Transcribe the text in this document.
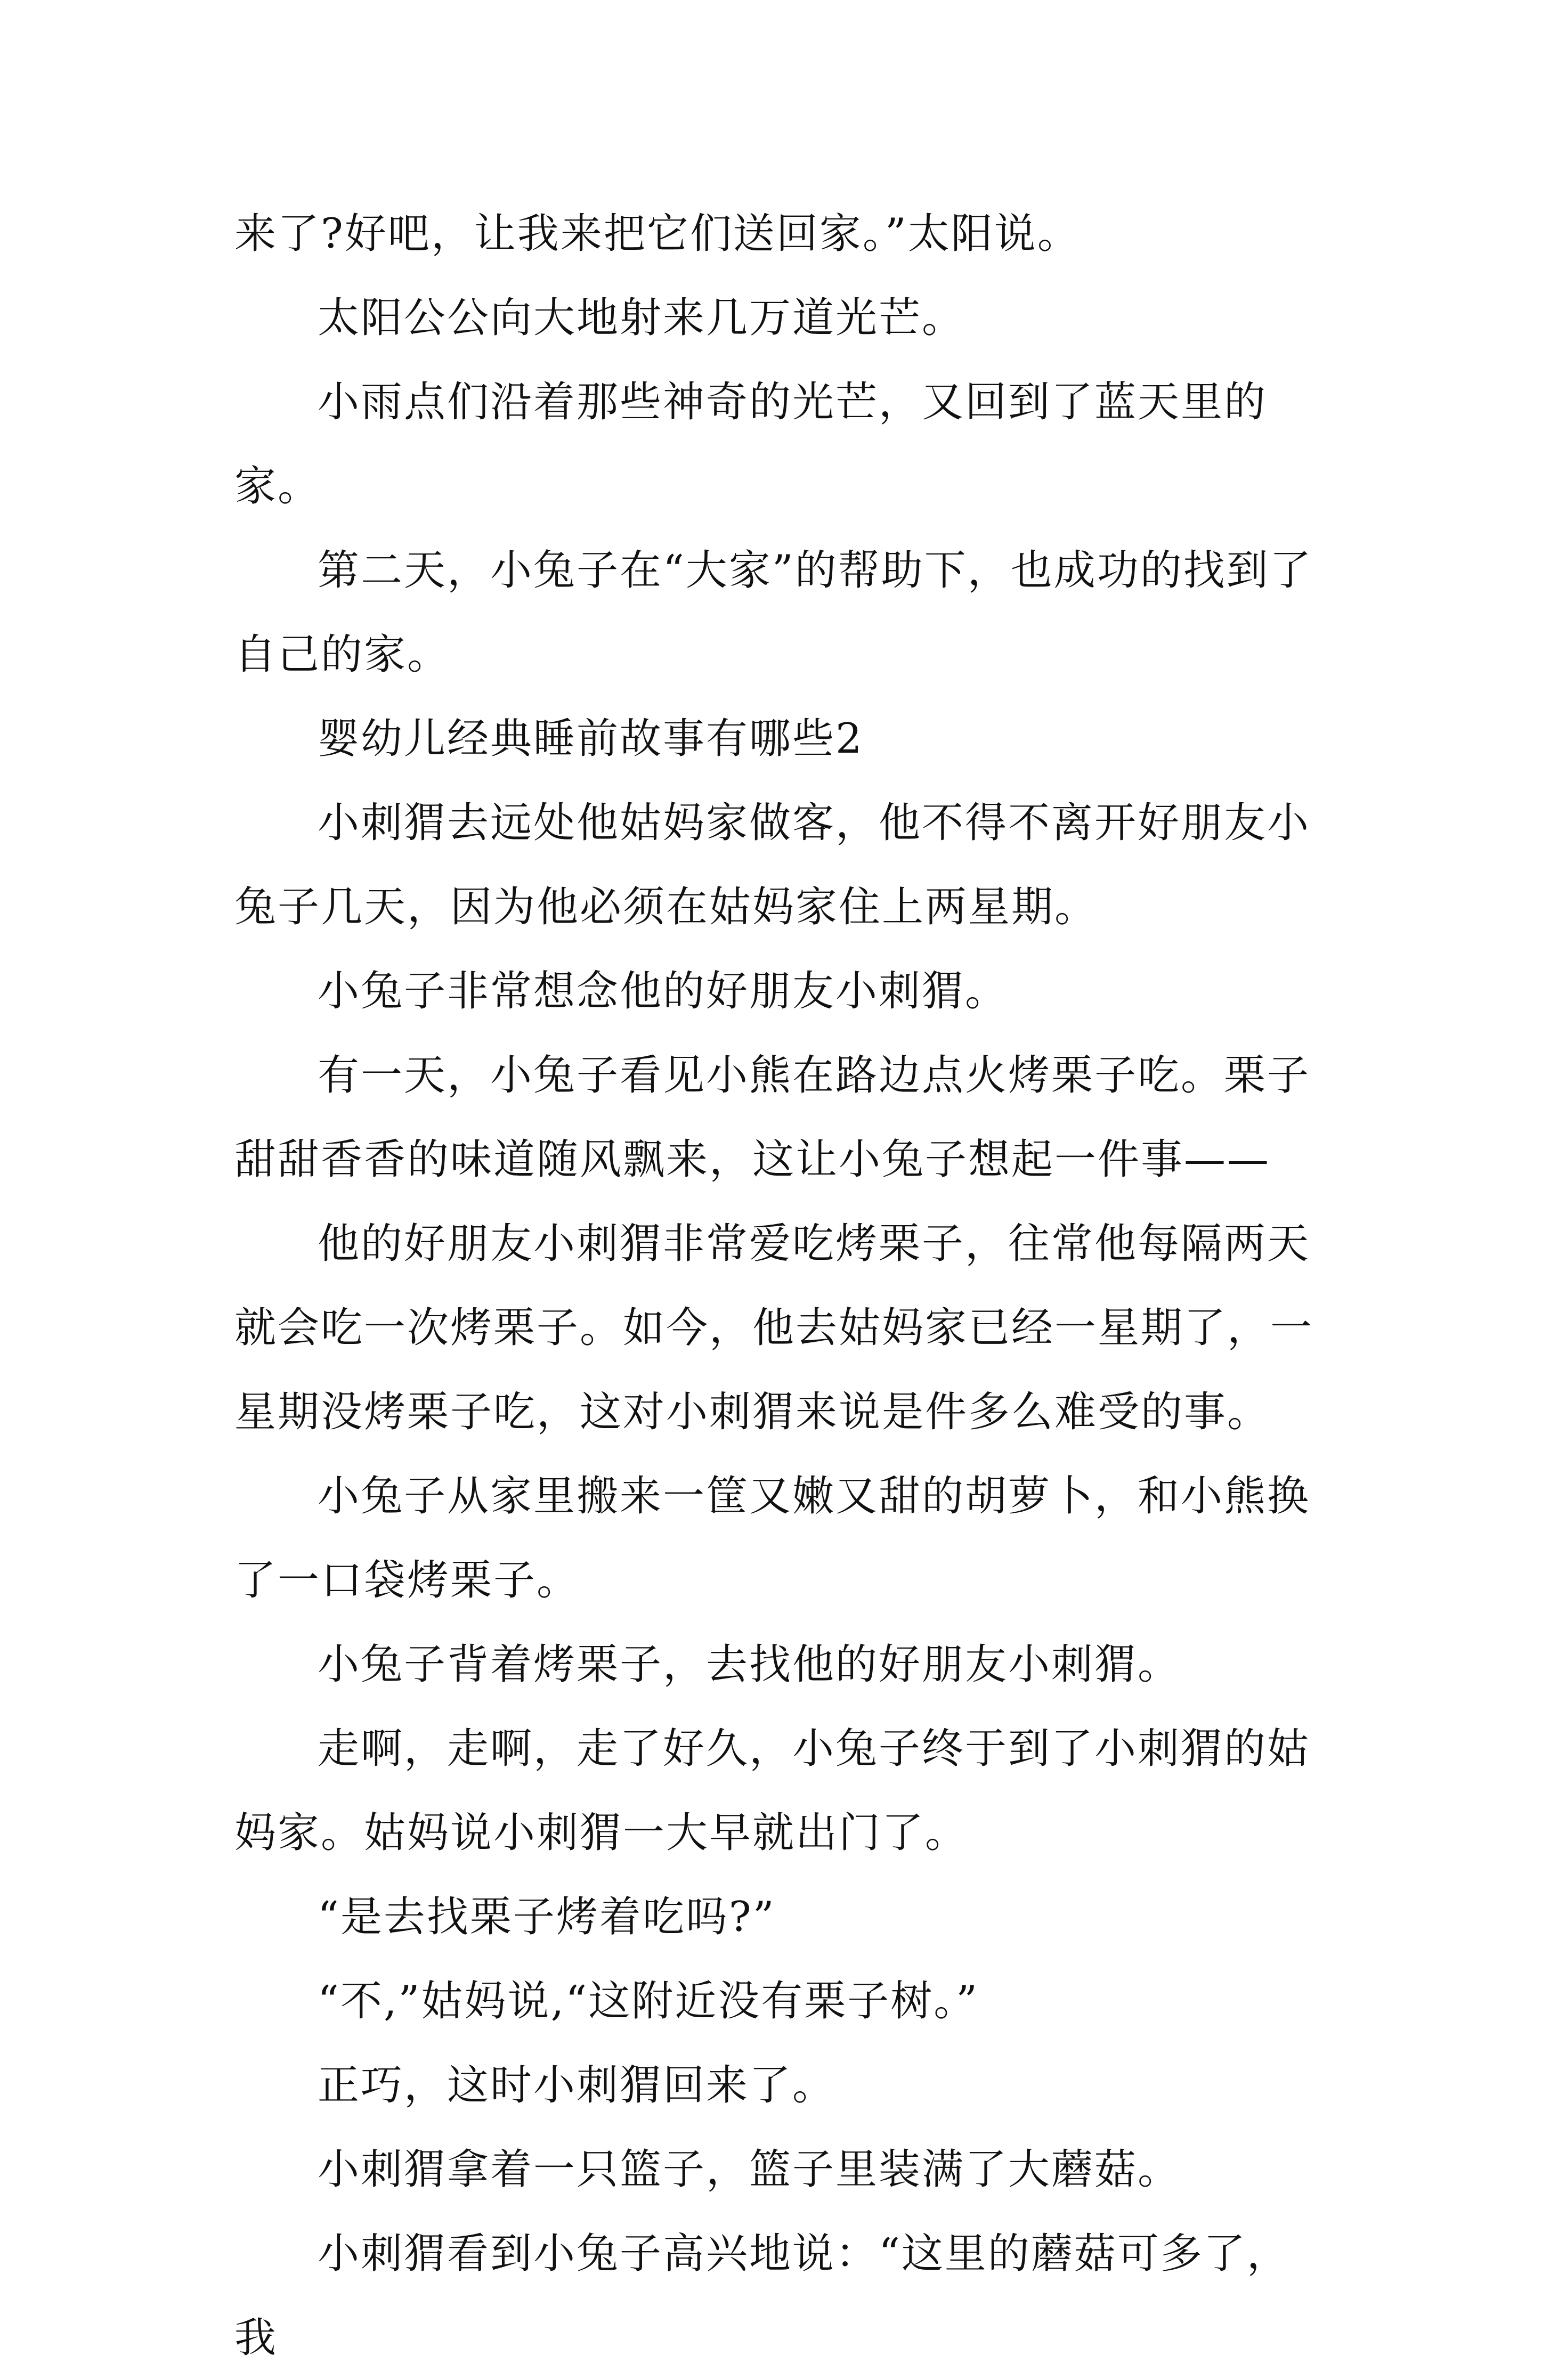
来了?好吧，让我来把它们送回家。”太阳说。

太阳公公向大地射来几万道光芒。

小雨点们沿着那些神奇的光芒，又回到了蓝天里的家。

第二天，小兔子在“大家”的帮助下，也成功的找到了自己的家。

婴幼儿经典睡前故事有哪些2

小刺猬去远处他姑妈家做客，他不得不离开好朋友小兔子几天，因为他必须在姑妈家住上两星期。

小兔子非常想念他的好朋友小刺猬。

有一天，小兔子看见小熊在路边点火烤栗子吃。栗子甜甜香香的味道随风飘来，这让小兔子想起一件事——

他的好朋友小刺猬非常爱吃烤栗子，往常他每隔两天就会吃一次烤栗子。如今，他去姑妈家已经一星期了，一星期没烤栗子吃，这对小刺猬来说是件多么难受的事。

小兔子从家里搬来一筐又嫩又甜的胡萝卜，和小熊换了一口袋烤栗子。

小兔子背着烤栗子，去找他的好朋友小刺猬。

走啊，走啊，走了好久，小兔子终于到了小刺猬的姑妈家。姑妈说小刺猬一大早就出门了。

“是去找栗子烤着吃吗?”

“不,”姑妈说,“这附近没有栗子树。”

正巧，这时小刺猬回来了。

小刺猬拿着一只篮子，篮子里装满了大蘑菇。

小刺猬看到小兔子高兴地说：“这里的蘑菇可多了，我
